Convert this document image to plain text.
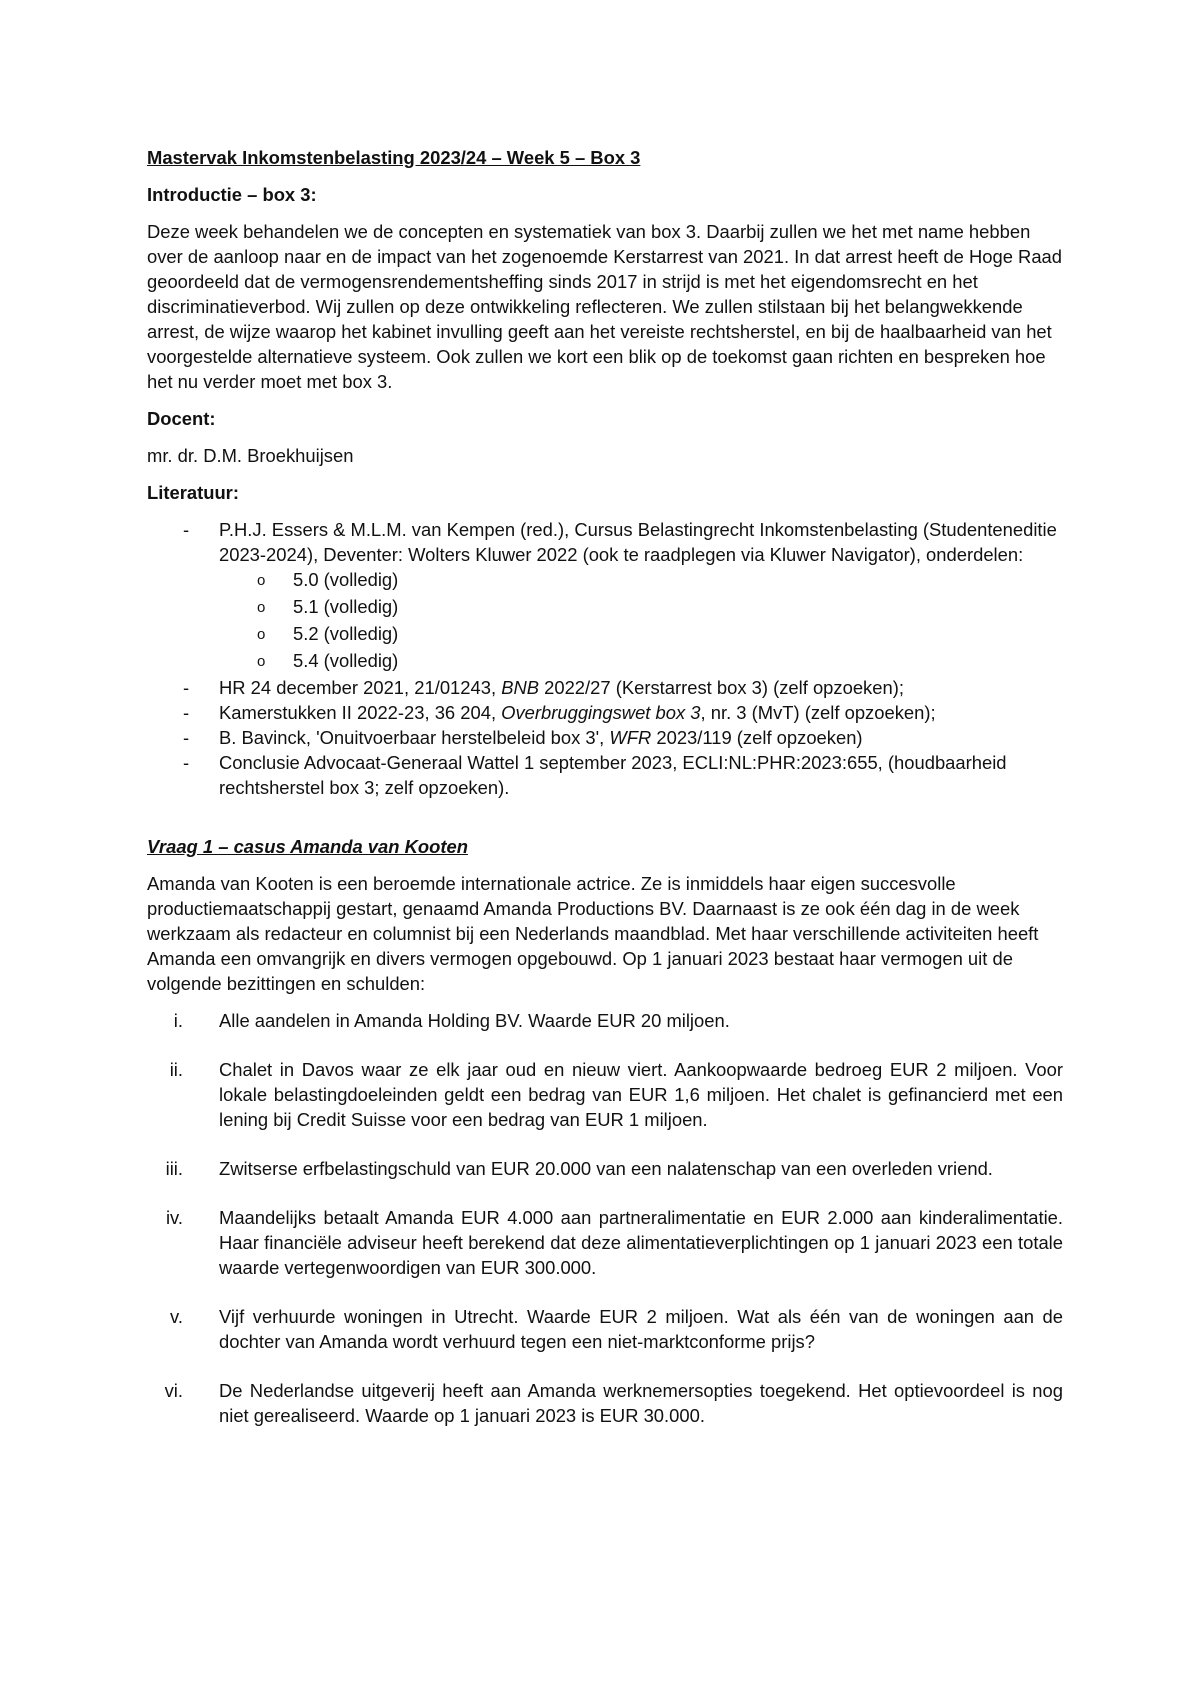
Mastervak Inkomstenbelasting 2023/24 – Week 5 – Box 3
Introductie – box 3:
Deze week behandelen we de concepten en systematiek van box 3. Daarbij zullen we het met name hebben over de aanloop naar en de impact van het zogenoemde Kerstarrest van 2021. In dat arrest heeft de Hoge Raad geoordeeld dat de vermogensrendementsheffing sinds 2017 in strijd is met het eigendomsrecht en het discriminatieverbod. Wij zullen op deze ontwikkeling reflecteren. We zullen stilstaan bij het belangwekkende arrest, de wijze waarop het kabinet invulling geeft aan het vereiste rechtsherstel, en bij de haalbaarheid van het voorgestelde alternatieve systeem. Ook zullen we kort een blik op de toekomst gaan richten en bespreken hoe het nu verder moet met box 3.
Docent:
mr. dr. D.M. Broekhuijsen
Literatuur:
- P.H.J. Essers & M.L.M. van Kempen (red.), Cursus Belastingrecht Inkomstenbelasting (Studenteneditie 2023-2024), Deventer: Wolters Kluwer 2022 (ook te raadplegen via Kluwer Navigator), onderdelen:
o 5.0 (volledig)
o 5.1 (volledig)
o 5.2 (volledig)
o 5.4 (volledig)
- HR 24 december 2021, 21/01243, BNB 2022/27 (Kerstarrest box 3) (zelf opzoeken);
- Kamerstukken II 2022-23, 36 204, Overbruggingswet box 3, nr. 3 (MvT) (zelf opzoeken);
- B. Bavinck, 'Onuitvoerbaar herstelbeleid box 3', WFR 2023/119 (zelf opzoeken)
- Conclusie Advocaat-Generaal Wattel 1 september 2023, ECLI:NL:PHR:2023:655, (houdbaarheid rechtsherstel box 3; zelf opzoeken).
Vraag 1 – casus Amanda van Kooten
Amanda van Kooten is een beroemde internationale actrice. Ze is inmiddels haar eigen succesvolle productiemaatschappij gestart, genaamd Amanda Productions BV. Daarnaast is ze ook één dag in de week werkzaam als redacteur en columnist bij een Nederlands maandblad. Met haar verschillende activiteiten heeft Amanda een omvangrijk en divers vermogen opgebouwd. Op 1 januari 2023 bestaat haar vermogen uit de volgende bezittingen en schulden:
i. Alle aandelen in Amanda Holding BV. Waarde EUR 20 miljoen.
ii. Chalet in Davos waar ze elk jaar oud en nieuw viert. Aankoopwaarde bedroeg EUR 2 miljoen. Voor lokale belastingdoeleinden geldt een bedrag van EUR 1,6 miljoen. Het chalet is gefinancierd met een lening bij Credit Suisse voor een bedrag van EUR 1 miljoen.
iii. Zwitserse erfbelastingschuld van EUR 20.000 van een nalatenschap van een overleden vriend.
iv. Maandelijks betaalt Amanda EUR 4.000 aan partneralimentatie en EUR 2.000 aan kinderalimentatie. Haar financiële adviseur heeft berekend dat deze alimentatieverplichtingen op 1 januari 2023 een totale waarde vertegenwoordigen van EUR 300.000.
v. Vijf verhuurde woningen in Utrecht. Waarde EUR 2 miljoen. Wat als één van de woningen aan de dochter van Amanda wordt verhuurd tegen een niet-marktconforme prijs?
vi. De Nederlandse uitgeverij heeft aan Amanda werknemersopties toegekend. Het optievoordeel is nog niet gerealiseerd. Waarde op 1 januari 2023 is EUR 30.000.
